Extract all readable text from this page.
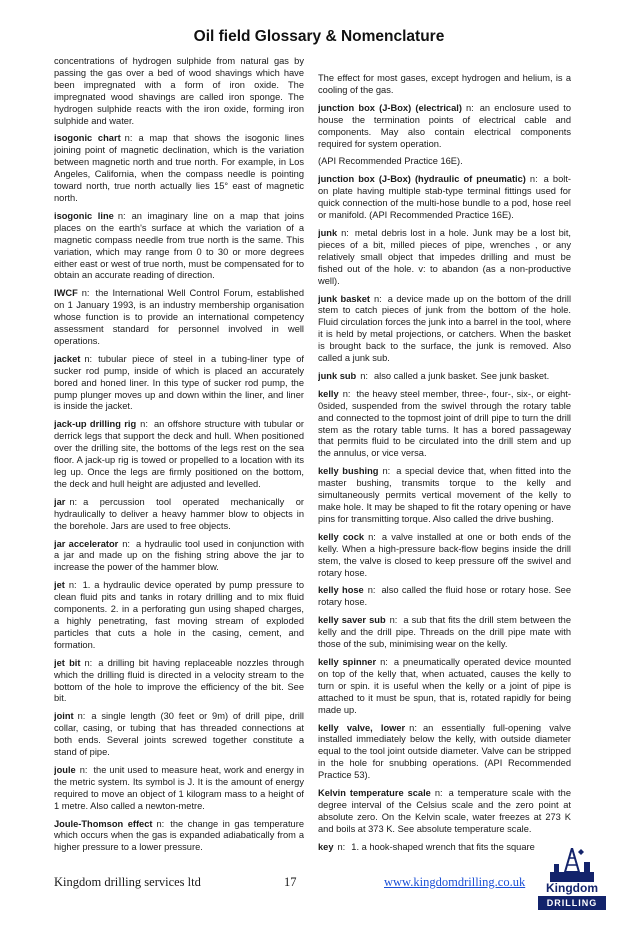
Oil field Glossary & Nomenclature

concentrations of hydrogen sulphide from natural gas by passing the gas over a bed of wood shavings which have been impregnated with a form of iron oxide. The impregnated wood shavings are called iron sponge. The hydrogen sulphide reacts with the iron oxide, forming iron sulphide and water.

isogonic chart n: a map that shows the isogonic lines joining point of magnetic declination, which is the variation between magnetic north and true north. For example, in Los Angeles, California, when the compass needle is pointing toward north, true north actually lies 15° east of magnetic north.

isogonic line n: an imaginary line on a map that joins places on the earth's surface at which the variation of a magnetic compass needle from true north is the same. This variation, which may range from 0 to 30 or more degrees either east or west of true north, must be compensated for to obtain an accurate reading of direction.

IWCF n: the International Well Control Forum, established on 1 January 1993, is an industry membership organisation whose function is to provide an international competency assessment standard for personnel involved in well operations.

jacket n: tubular piece of steel in a tubing-liner type of sucker rod pump, inside of which is placed an accurately bored and honed liner. In this type of sucker rod pump, the pump plunger moves up and down within the liner, and liner is inside the jacket.

jack-up drilling rig n: an offshore structure with tubular or derrick legs that support the deck and hull. When positioned over the drilling site, the bottoms of the legs rest on the sea floor. A jack-up rig is towed or propelled to a location with its leg up. Once the legs are firmly positioned on the bottom, the deck and hull height are adjusted and levelled.

jar n: a percussion tool operated mechanically or hydraulically to deliver a heavy hammer blow to objects in the borehole. Jars are used to free objects.

jar accelerator n: a hydraulic tool used in conjunction with a jar and made up on the fishing string above the jar to increase the power of the hammer blow.

jet n: 1. a hydraulic device operated by pump pressure to clean fluid pits and tanks in rotary drilling and to mix fluid components. 2. in a perforating gun using shaped charges, a highly penetrating, fast moving stream of exploded particles that cuts a hole in the casing, cement, and formation.

jet bit n: a drilling bit having replaceable nozzles through which the drilling fluid is directed in a velocity stream to the bottom of the hole to improve the efficiency of the bit. See bit.

joint n: a single length (30 feet or 9m) of drill pipe, drill collar, casing, or tubing that has threaded connections at both ends. Several joints screwed together constitute a stand of pipe.

joule n: the unit used to measure heat, work and energy in the metric system. Its symbol is J. It is the amount of energy required to move an object of 1 kilogram mass to a height of 1 metre. Also called a newton-metre.

Joule-Thomson effect n: the change in gas temperature which occurs when the gas is expanded adiabatically from a higher pressure to a lower pressure.

The effect for most gases, except hydrogen and helium, is a cooling of the gas.

junction box (J-Box) (electrical) n: an enclosure used to house the termination points of electrical cable and components. May also contain electrical components required for system operation.

(API Recommended Practice 16E).

junction box (J-Box) (hydraulic of pneumatic) n: a bolt-on plate having multiple stab-type terminal fittings used for quick connection of the multi-hose bundle to a pod, hose reel or manifold. (API Recommended Practice 16E).

junk n: metal debris lost in a hole. Junk may be a lost bit, pieces of a bit, milled pieces of pipe, wrenches , or any relatively small object that impedes drilling and must be fished out of the hole. v: to abandon (as a non-productive well).

junk basket n: a device made up on the bottom of the drill stem to catch pieces of junk from the bottom of the hole. Fluid circulation forces the junk into a barrel in the tool, where it is held by metal projections, or catchers. When the basket is brought back to the surface, the junk is removed. Also called a junk sub.

junk sub n: also called a junk basket. See junk basket.

kelly n: the heavy steel member, three-, four-, six-, or eight-0sided, suspended from the swivel through the rotary table and connected to the topmost joint of drill pipe to turn the drill stem as the rotary table turns. It has a bored passageway that permits fluid to be circulated into the drill stem and up the annulus, or vice versa.

kelly bushing n: a special device that, when fitted into the master bushing, transmits torque to the kelly and simultaneously permits vertical movement of the kelly to make hole. It may be shaped to fit the rotary opening or have pins for transmitting torque. Also called the drive bushing.

kelly cock n: a valve installed at one or both ends of the kelly. When a high-pressure back-flow begins inside the drill stem, the valve is closed to keep pressure off the swivel and rotary hose.

kelly hose n: also called the fluid hose or rotary hose. See rotary hose.

kelly saver sub n: a sub that fits the drill stem between the kelly and the drill pipe. Threads on the drill pipe mate with those of the sub, minimising wear on the kelly.

kelly spinner n: a pneumatically operated device mounted on top of the kelly that, when actuated, causes the kelly to turn or spin. it is useful when the kelly or a joint of pipe is attached to it must be spun, that is, rotated rapidly for being made up.

kelly valve, lower n: an essentially full-opening valve installed immediately below the kelly, with outside diameter equal to the tool joint outside diameter. Valve can be stripped in the hole for snubbing operations. (API Recommended Practice 53).

Kelvin temperature scale n: a temperature scale with the degree interval of the Celsius scale and the zero point at absolute zero. On the Kelvin scale, water freezes at 273 K and boils at 373 K. See absolute temperature scale.

key n: 1. a hook-shaped wrench that fits the square

Kingdom drilling services ltd	17	www.kingdomdrilling.co.uk	Kingdom
DRILLING
